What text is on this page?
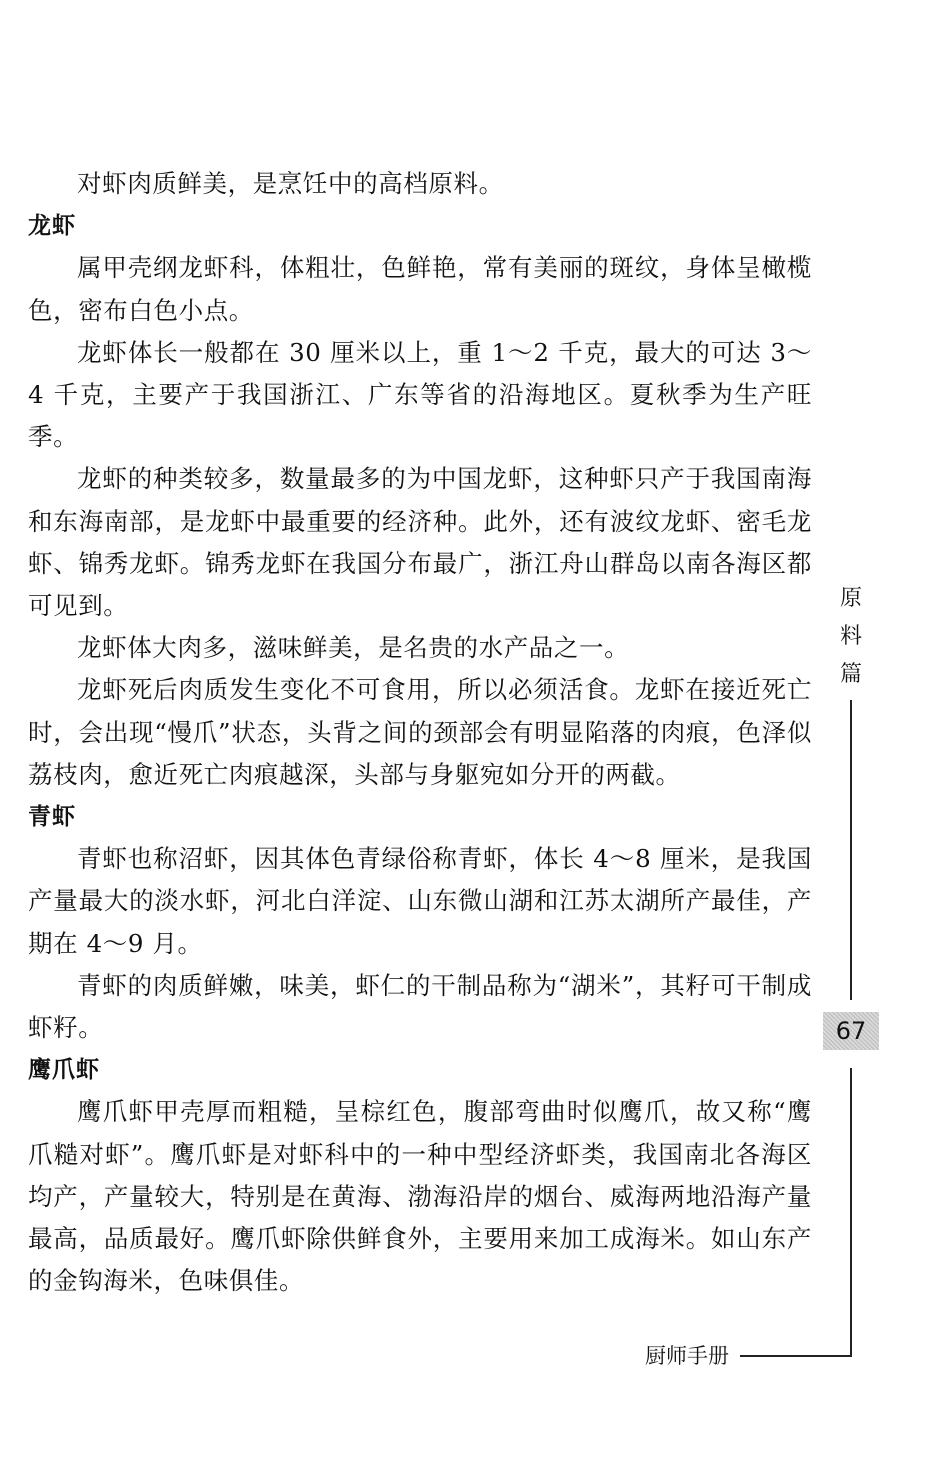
对虾肉质鲜美，是烹饪中的高档原料。

龙虾

属甲壳纲龙虾科，体粗壮，色鲜艳，常有美丽的斑纹，身体呈橄榄色，密布白色小点。

龙虾体长一般都在 30 厘米以上，重 1～2 千克，最大的可达 3～4 千克，主要产于我国浙江、广东等省的沿海地区。夏秋季为生产旺季。

龙虾的种类较多，数量最多的为中国龙虾，这种虾只产于我国南海和东海南部，是龙虾中最重要的经济种。此外，还有波纹龙虾、密毛龙虾、锦秀龙虾。锦秀龙虾在我国分布最广，浙江舟山群岛以南各海区都可见到。

龙虾体大肉多，滋味鲜美，是名贵的水产品之一。

龙虾死后肉质发生变化不可食用，所以必须活食。龙虾在接近死亡时，会出现“慢爪”状态，头背之间的颈部会有明显陷落的肉痕，色泽似荔枝肉，愈近死亡肉痕越深，头部与身躯宛如分开的两截。

青虾

青虾也称沼虾，因其体色青绿俗称青虾，体长 4～8 厘米，是我国产量最大的淡水虾，河北白洋淀、山东微山湖和江苏太湖所产最佳，产期在 4～9 月。

青虾的肉质鲜嫩，味美，虾仁的干制品称为“湖米”，其籽可干制成虾籽。

鹰爪虾

鹰爪虾甲壳厚而粗糙，呈棕红色，腹部弯曲时似鹰爪，故又称“鹰爪糙对虾”。鹰爪虾是对虾科中的一种中型经济虾类，我国南北各海区均产，产量较大，特别是在黄海、渤海沿岸的烟台、威海两地沿海产量最高，品质最好。鹰爪虾除供鲜食外，主要用来加工成海米。如山东产的金钩海米，色味俱佳。

原
料
篇
67
厨师手册
